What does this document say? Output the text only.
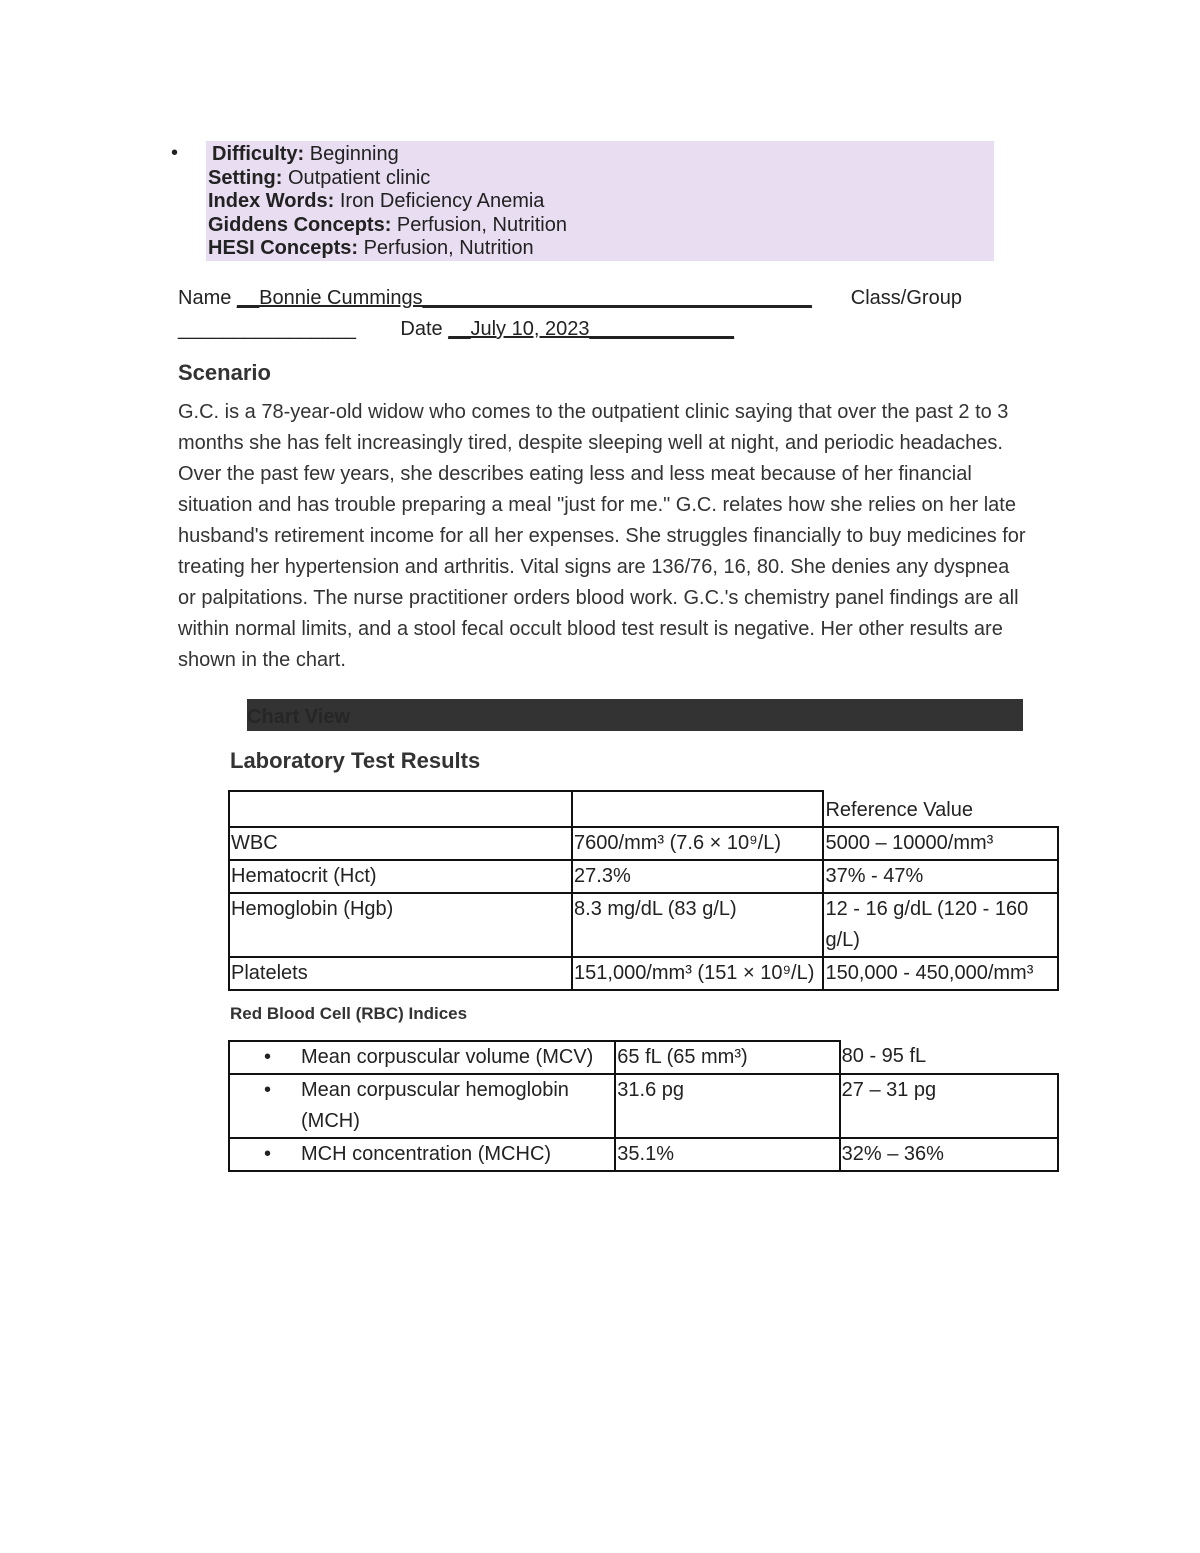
• Difficulty: Beginning
Setting: Outpatient clinic
Index Words: Iron Deficiency Anemia
Giddens Concepts: Perfusion, Nutrition
HESI Concepts: Perfusion, Nutrition
Name __Bonnie Cummings___________________________________ Class/Group
________________ Date __July 10, 2023_____________
Scenario
G.C. is a 78-year-old widow who comes to the outpatient clinic saying that over the past 2 to 3 months she has felt increasingly tired, despite sleeping well at night, and periodic headaches. Over the past few years, she describes eating less and less meat because of her financial situation and has trouble preparing a meal "just for me." G.C. relates how she relies on her late husband's retirement income for all her expenses. She struggles financially to buy medicines for treating her hypertension and arthritis. Vital signs are 136/76, 16, 80. She denies any dyspnea or palpitations. The nurse practitioner orders blood work. G.C.'s chemistry panel findings are all within normal limits, and a stool fecal occult blood test result is negative. Her other results are shown in the chart.
Chart View
Laboratory Test Results
		Reference Value
WBC	7600/mm³ (7.6 × 10⁹/L)	5000 – 10000/mm³
Hematocrit (Hct)	27.3%	37% - 47%
Hemoglobin (Hgb)	8.3 mg/dL (83 g/L)	12 - 16 g/dL (120 - 160 g/L)
Platelets	151,000/mm³ (151 × 10⁹/L)	150,000 - 450,000/mm³
Red Blood Cell (RBC) Indices
• Mean corpuscular volume (MCV)	65 fL (65 mm³)	80 - 95 fL

• Mean corpuscular hemoglobin (MCH)	31.6 pg	27 – 31 pg

• MCH concentration (MCHC)	35.1%	32% – 36%
